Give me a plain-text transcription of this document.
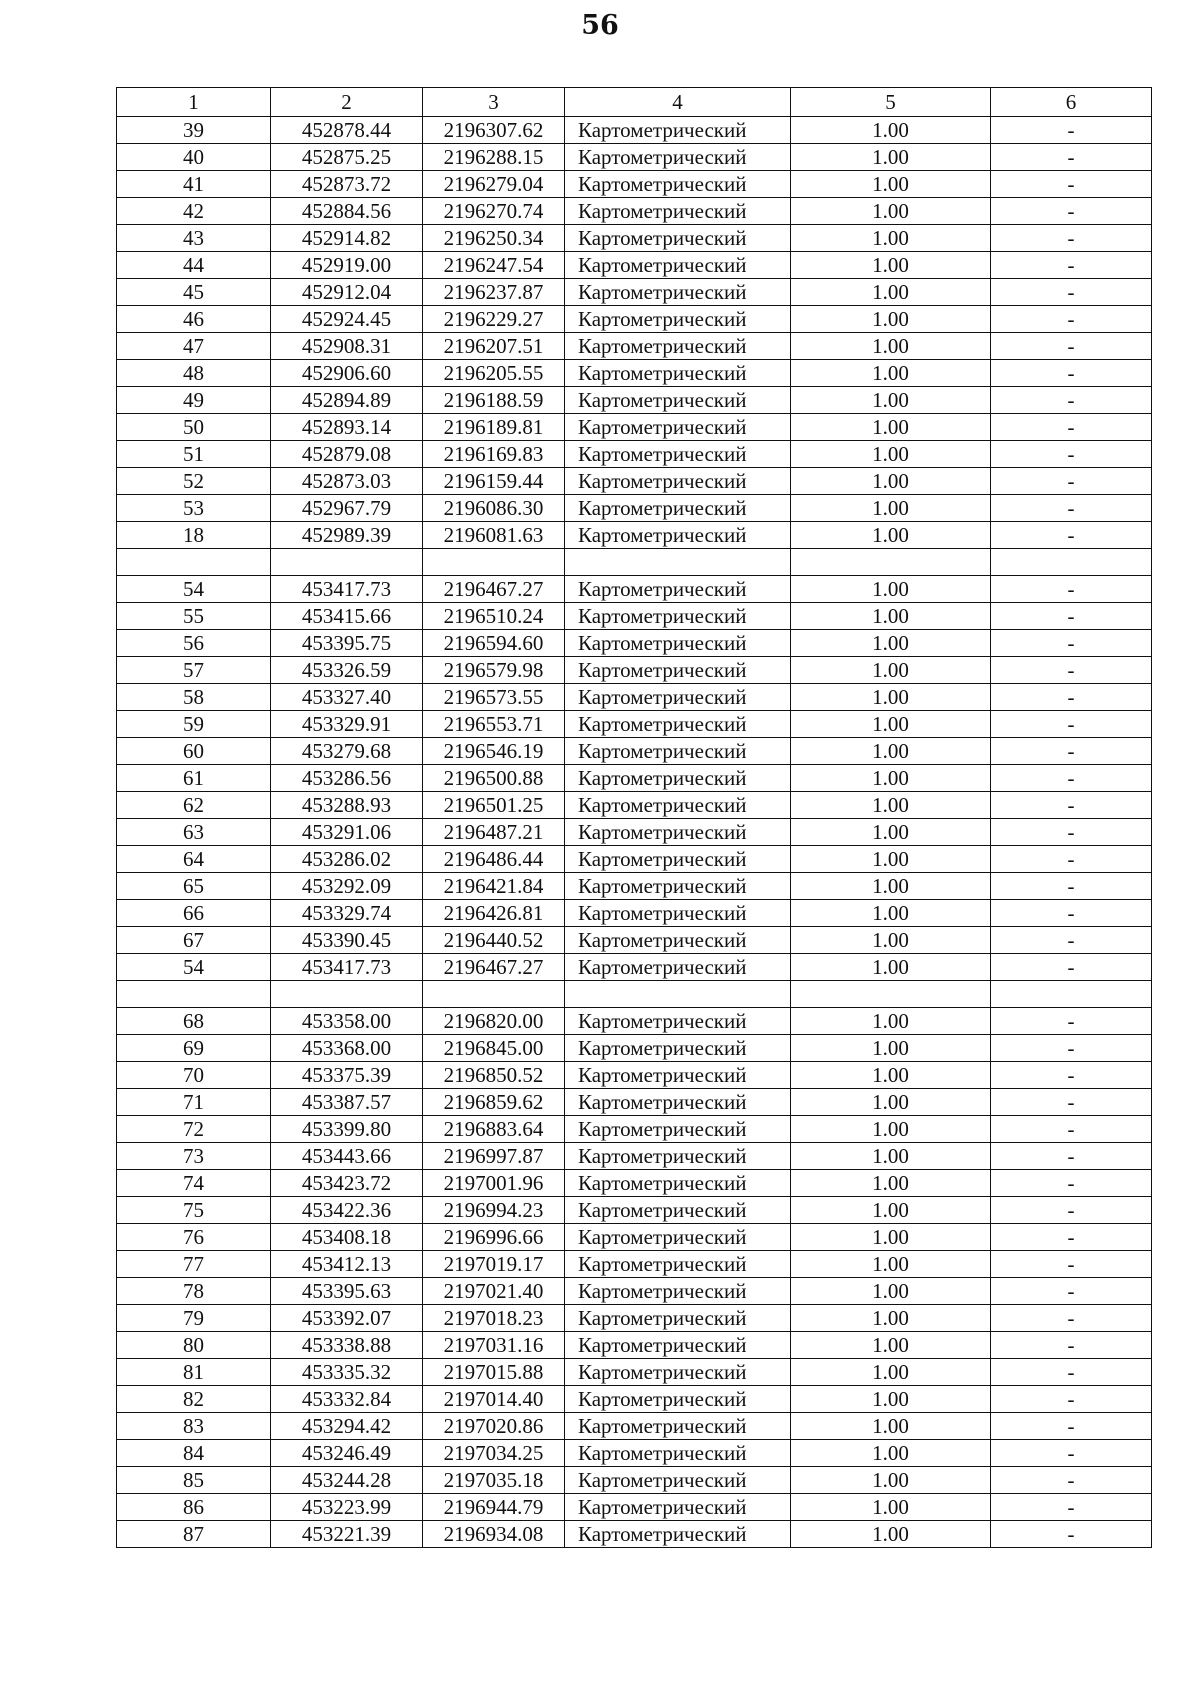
56
1	2	3	4	5	6
39	452878.44	2196307.62	Картометрический	1.00	-
40	452875.25	2196288.15	Картометрический	1.00	-
41	452873.72	2196279.04	Картометрический	1.00	-
42	452884.56	2196270.74	Картометрический	1.00	-
43	452914.82	2196250.34	Картометрический	1.00	-
44	452919.00	2196247.54	Картометрический	1.00	-
45	452912.04	2196237.87	Картометрический	1.00	-
46	452924.45	2196229.27	Картометрический	1.00	-
47	452908.31	2196207.51	Картометрический	1.00	-
48	452906.60	2196205.55	Картометрический	1.00	-
49	452894.89	2196188.59	Картометрический	1.00	-
50	452893.14	2196189.81	Картометрический	1.00	-
51	452879.08	2196169.83	Картометрический	1.00	-
52	452873.03	2196159.44	Картометрический	1.00	-
53	452967.79	2196086.30	Картометрический	1.00	-
18	452989.39	2196081.63	Картометрический	1.00	-

54	453417.73	2196467.27	Картометрический	1.00	-
55	453415.66	2196510.24	Картометрический	1.00	-
56	453395.75	2196594.60	Картометрический	1.00	-
57	453326.59	2196579.98	Картометрический	1.00	-
58	453327.40	2196573.55	Картометрический	1.00	-
59	453329.91	2196553.71	Картометрический	1.00	-
60	453279.68	2196546.19	Картометрический	1.00	-
61	453286.56	2196500.88	Картометрический	1.00	-
62	453288.93	2196501.25	Картометрический	1.00	-
63	453291.06	2196487.21	Картометрический	1.00	-
64	453286.02	2196486.44	Картометрический	1.00	-
65	453292.09	2196421.84	Картометрический	1.00	-
66	453329.74	2196426.81	Картометрический	1.00	-
67	453390.45	2196440.52	Картометрический	1.00	-
54	453417.73	2196467.27	Картометрический	1.00	-

68	453358.00	2196820.00	Картометрический	1.00	-
69	453368.00	2196845.00	Картометрический	1.00	-
70	453375.39	2196850.52	Картометрический	1.00	-
71	453387.57	2196859.62	Картометрический	1.00	-
72	453399.80	2196883.64	Картометрический	1.00	-
73	453443.66	2196997.87	Картометрический	1.00	-
74	453423.72	2197001.96	Картометрический	1.00	-
75	453422.36	2196994.23	Картометрический	1.00	-
76	453408.18	2196996.66	Картометрический	1.00	-
77	453412.13	2197019.17	Картометрический	1.00	-
78	453395.63	2197021.40	Картометрический	1.00	-
79	453392.07	2197018.23	Картометрический	1.00	-
80	453338.88	2197031.16	Картометрический	1.00	-
81	453335.32	2197015.88	Картометрический	1.00	-
82	453332.84	2197014.40	Картометрический	1.00	-
83	453294.42	2197020.86	Картометрический	1.00	-
84	453246.49	2197034.25	Картометрический	1.00	-
85	453244.28	2197035.18	Картометрический	1.00	-
86	453223.99	2196944.79	Картометрический	1.00	-
87	453221.39	2196934.08	Картометрический	1.00	-
